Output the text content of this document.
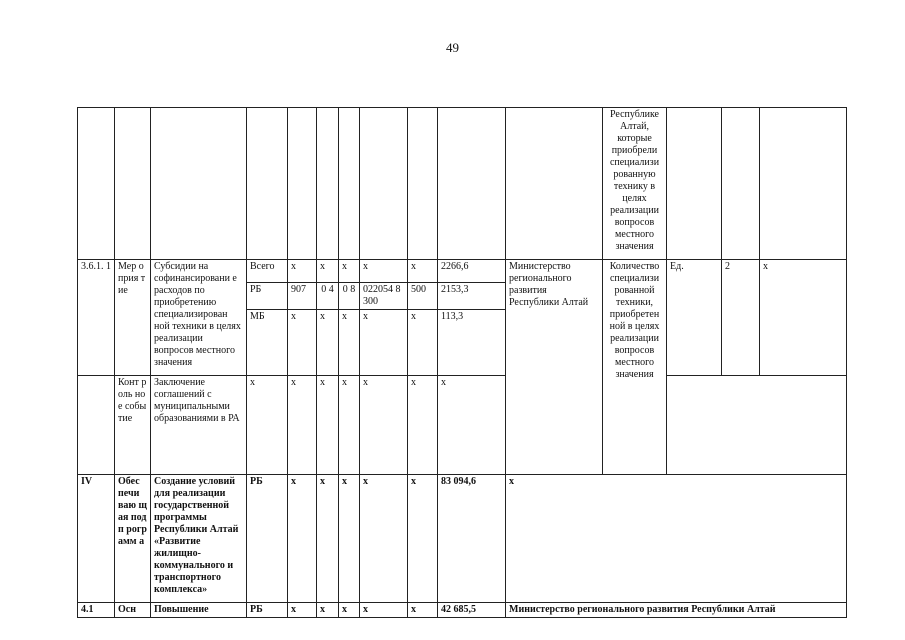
49
											Республике Алтай, которые приобрели специализи рованную технику в целях реализации вопросов местного значения				
3.6.1. 1	Мер оприя тие	Субсидии на софинансировани е расходов по приобретению специализирован ной техники в целях реализации вопросов местного значения	Всего	х	х	х	х	х	2266,6	Министерство регионального развития Республики Алтай	Количество специализи рованной техники, приобретен ной в целях реализации вопросов местного значения	Ед.	2	х	
			РБ	907	0 4	0 8	022054 8300	500	2153,3						
			МБ	х	х	х	х	х	113,3						
	Конт роль ное собы тие	Заключение соглашений с муниципальными образованиями в РА	х	х	х	х	х	х	х		
IV	Обес печи ваю щая подп рогр амм а	Создание условий для реализации государственной программы Республики Алтай «Развитие жилищно- коммунального и транспортного комплекса»	РБ	х	х	х	х	х	83 094,6	х					
4.1	Осн	Повышение	РБ	х	х	х	х	х	42 685,5	Министерство регионального развития Республики Алтай					
